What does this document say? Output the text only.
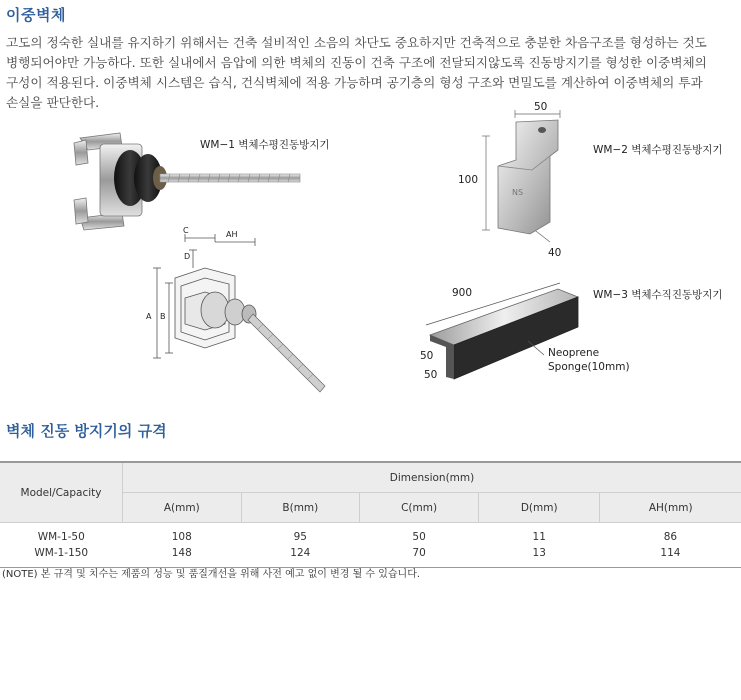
이중벽체

고도의 정숙한 실내를 유지하기 위해서는 건축 설비적인 소음의 차단도 중요하지만 건축적으로 충분한 차음구조를 형성하는 것도

병행되어야만 가능하다. 또한 실내에서 음압에 의한 벽체의 진동이 건축 구조에 전달되지않도록 진동방지기를 형성한 이중벽체의

구성이 적용된다. 이중벽체 시스템은 습식, 건식벽체에 적용 가능하며 공기층의 형성 구조와 면밀도를 계산하여 이중벽체의 투과

손실을 판단한다.

WM−1 벽체수평진동방지기
C	AH
D
A B
NS
50
100
40
WM−2 벽체수평진동방지기
900
50
50
Neoprene
Sponge(10mm)
WM−3 벽체수직진동방지기
벽체 진동 방지기의 규격
Model/Capacity	Dimension(mm)				
	A(mm)	B(mm)	C(mm)	D(mm)	AH(mm)
WM-1-50	108	95	50	11	86
WM-1-150	148	124	70	13	114
(NOTE) 본 규격 및 치수는 제품의 성능 및 품질개선을 위해 사전 예고 없이 변경 될 수 있습니다.
